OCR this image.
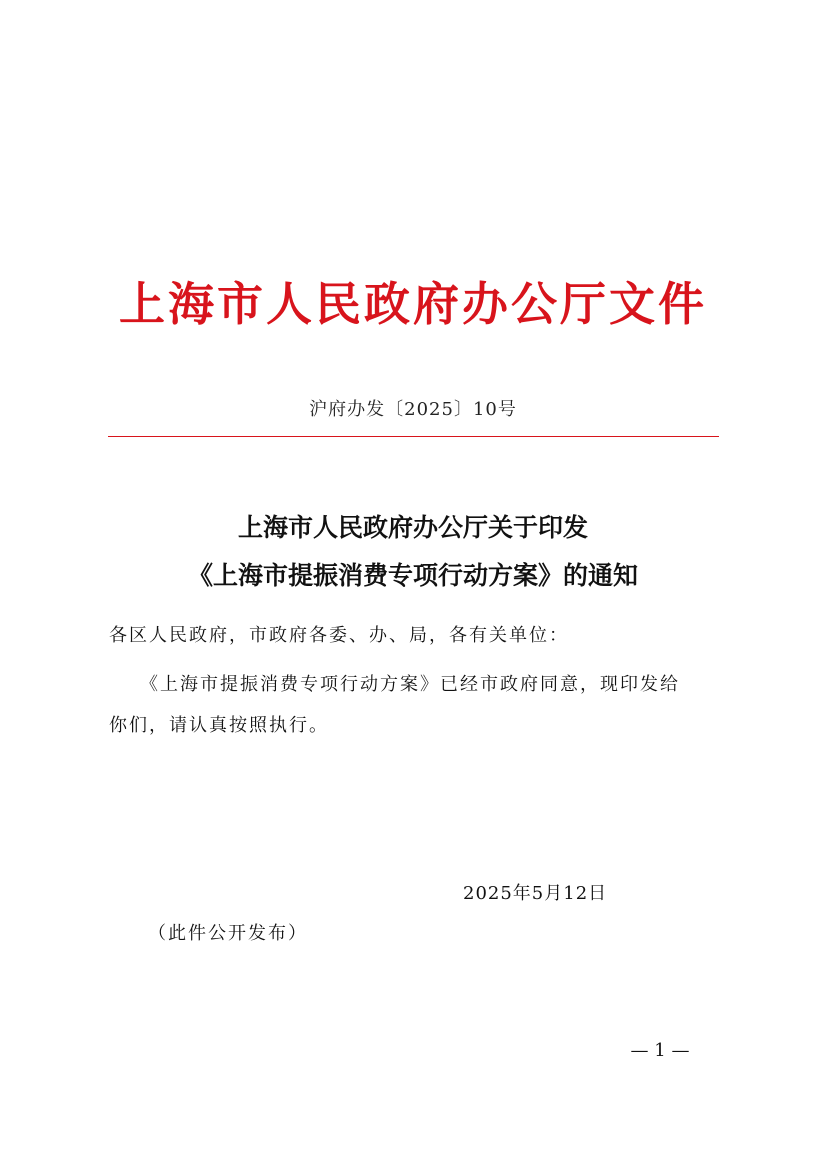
上海市人民政府办公厅文件
沪府办发〔2025〕10号
上海市人民政府办公厅关于印发
《上海市提振消费专项行动方案》的通知
各区人民政府，市政府各委、办、局，各有关单位：
　　《上海市提振消费专项行动方案》已经市政府同意，现印发给
你们，请认真按照执行。
2025年5月12日
（此件公开发布）
— 1 —
